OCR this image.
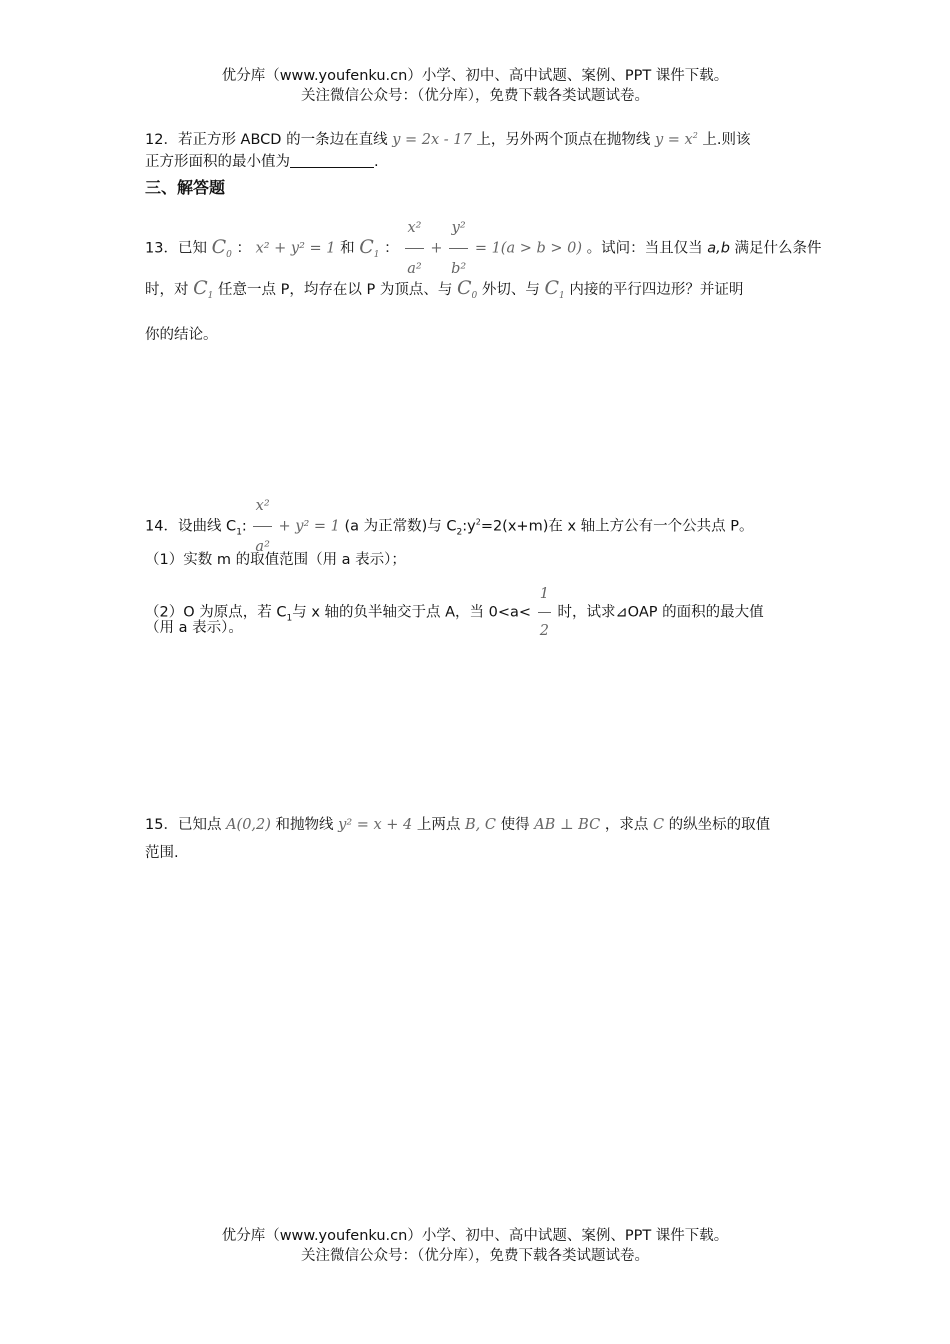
优分库（www.youfenku.cn）小学、初中、高中试题、案例、PPT 课件下载。
关注微信公众号：（优分库），免费下载各类试题试卷。
12．若正方形 ABCD 的一条边在直线 y = 2x - 17 上，另外两个顶点在抛物线 $y = x^2$ 上.则该
正方形面积的最小值为	.
三、解答题
13．已知 $C_0$ ： x² + y² = 1 和 $C_1$ ： $\frac{\text{x²}}{\text{a²}} + \frac{\text{y²}}{\text{b²}} = 1(a > b > 0)$ 。试问：当且仅当 a,b 满足什么条件
时，对 $C_1$ 任意一点 P，均存在以 P 为顶点、与 $C_0$ 外切、与 $C_1$ 内接的平行四边形？并证明
你的结论。
14．设曲线 $C_1$: $\frac{\text{x²}}{\text{a²}} + y^2 = 1$ (a 为正常数)与 $C_2:y^2=2(x+m)$在 x 轴上方公有一个公共点 P。
（1）实数 m 的取值范围（用 a 表示）；
（2）O 为原点，若 $C_1$与 x 轴的负半轴交于点 A，当 $0<a< \frac{1}{2}$ 时，试求⊿OAP 的面积的最大值
（用 a 表示）。
15．已知点 A(0,2) 和抛物线 y² = x + 4 上两点 B, C 使得 AB ⊥ BC ，求点 C 的纵坐标的取值
范围.
优分库（www.youfenku.cn）小学、初中、高中试题、案例、PPT 课件下载。
关注微信公众号：（优分库），免费下载各类试题试卷。
